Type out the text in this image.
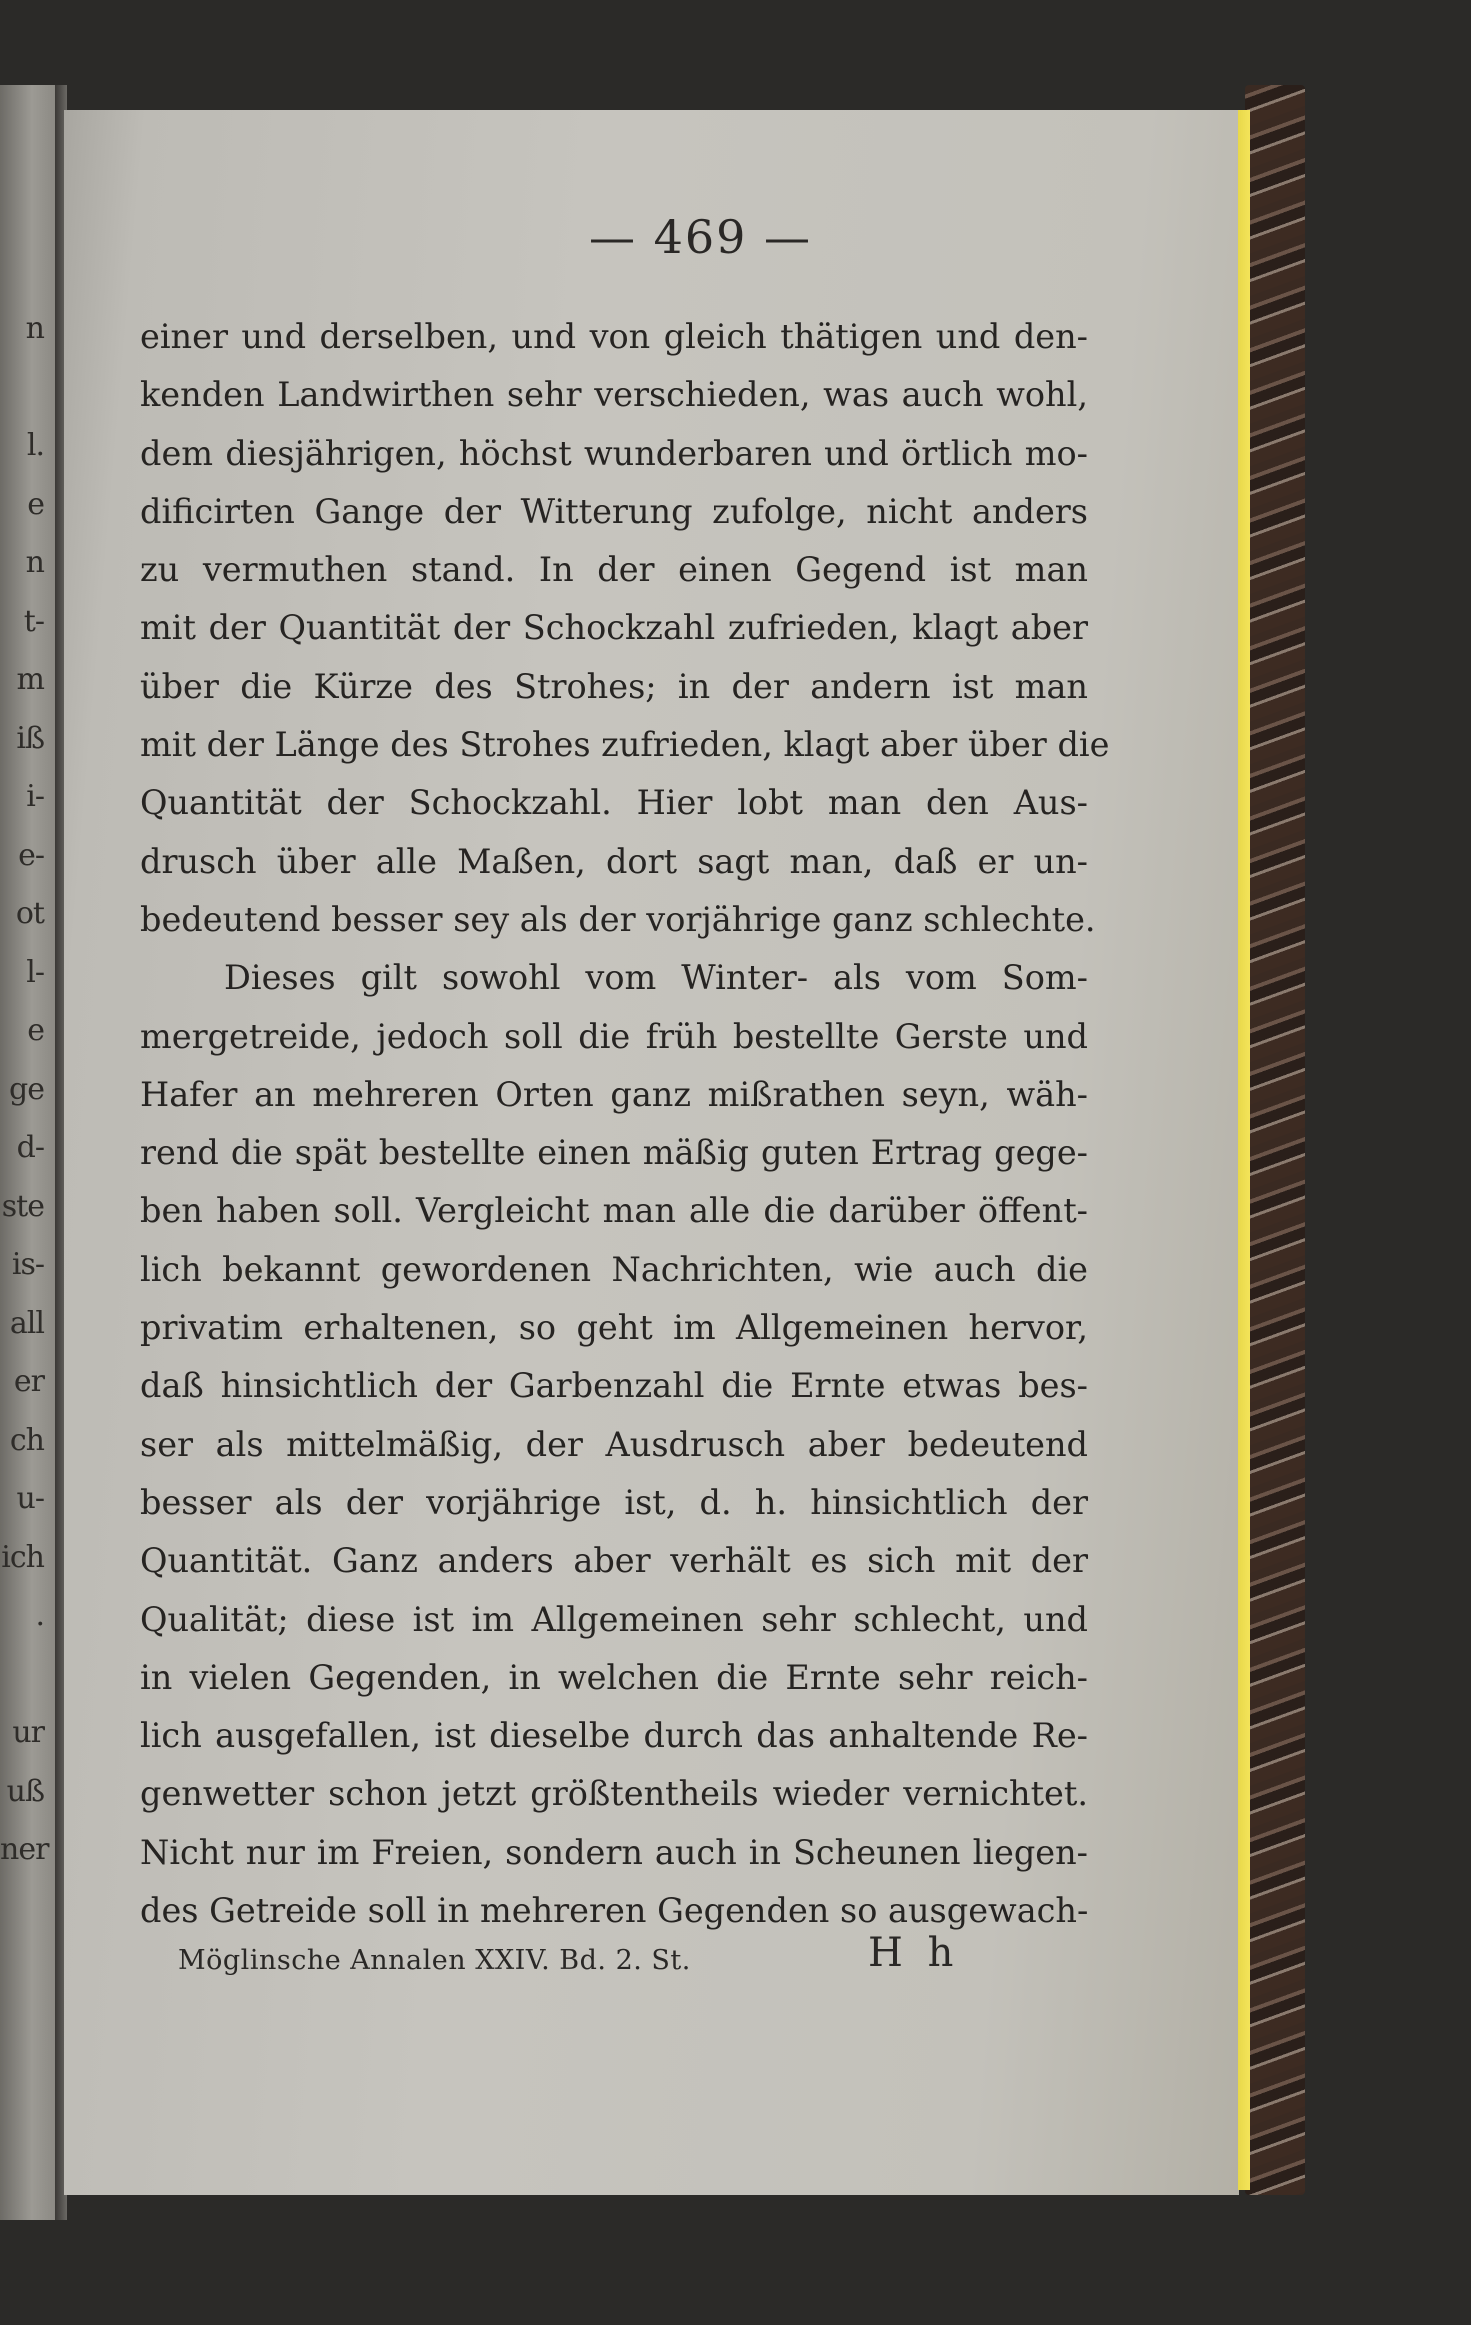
n
l.
e
n
t-
m
iß
i-
e-
ot
l-
e
ge
d-
ste
is-
all
er
ch
u-
ich
.
ur
uß
ner
— 469 —
einer und derselben, und von gleich thätigen und den-
kenden Landwirthen sehr verschieden, was auch wohl,
dem diesjährigen, höchst wunderbaren und örtlich mo-
dificirten Gange der Witterung zufolge, nicht anders
zu vermuthen stand. In der einen Gegend ist man
mit der Quantität der Schockzahl zufrieden, klagt aber
über die Kürze des Strohes; in der andern ist man
mit der Länge des Strohes zufrieden, klagt aber über die
Quantität der Schockzahl. Hier lobt man den Aus-
drusch über alle Maßen, dort sagt man, daß er un-
bedeutend besser sey als der vorjährige ganz schlechte.
Dieses gilt sowohl vom Winter- als vom Som-
mergetreide, jedoch soll die früh bestellte Gerste und
Hafer an mehreren Orten ganz mißrathen seyn, wäh-
rend die spät bestellte einen mäßig guten Ertrag gege-
ben haben soll. Vergleicht man alle die darüber öffent-
lich bekannt gewordenen Nachrichten, wie auch die
privatim erhaltenen, so geht im Allgemeinen hervor,
daß hinsichtlich der Garbenzahl die Ernte etwas bes-
ser als mittelmäßig, der Ausdrusch aber bedeutend
besser als der vorjährige ist, d. h. hinsichtlich der
Quantität. Ganz anders aber verhält es sich mit der
Qualität; diese ist im Allgemeinen sehr schlecht, und
in vielen Gegenden, in welchen die Ernte sehr reich-
lich ausgefallen, ist dieselbe durch das anhaltende Re-
genwetter schon jetzt größtentheils wieder vernichtet.
Nicht nur im Freien, sondern auch in Scheunen liegen-
des Getreide soll in mehreren Gegenden so ausgewach-
Möglinsche Annalen XXIV. Bd. 2. St.	H h
